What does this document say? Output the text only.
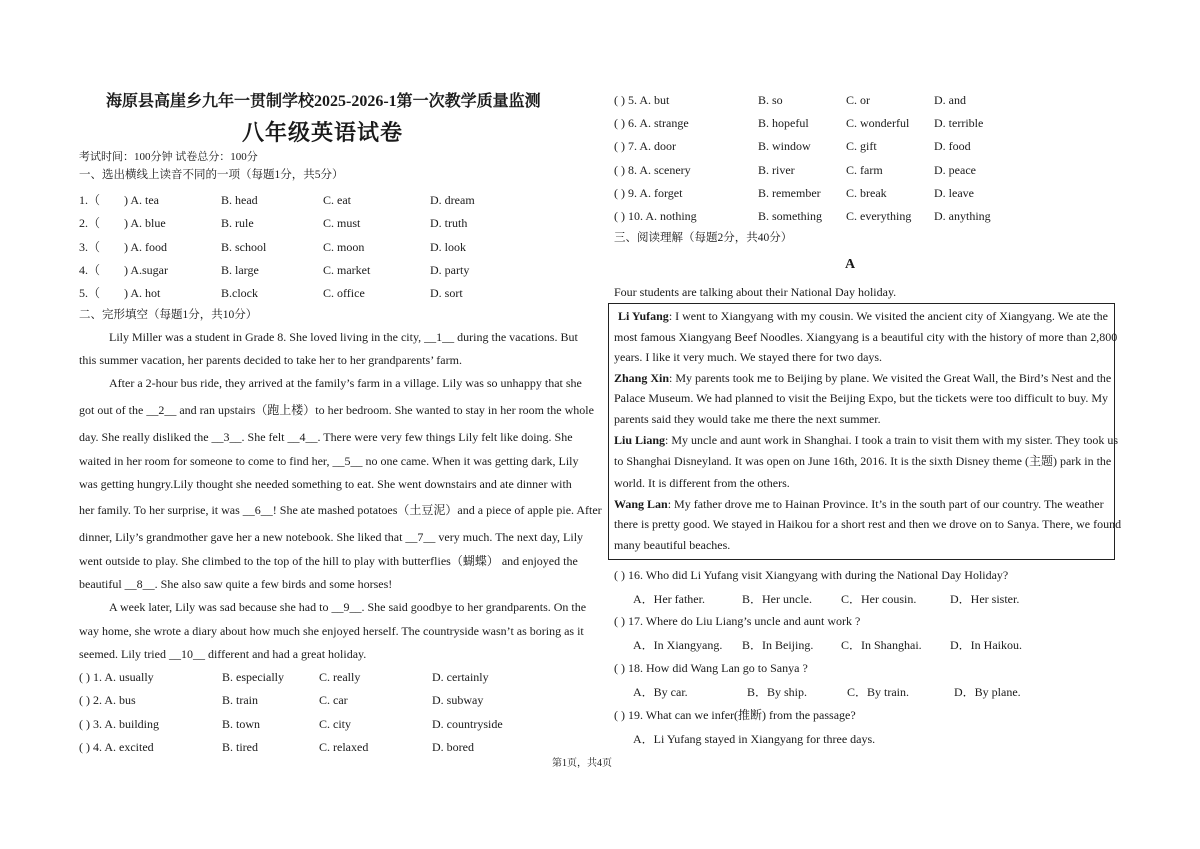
海原县高崖乡九年一贯制学校2025-2026-1第一次教学质量监测
八年级英语试卷
考试时间：100分钟 试卷总分：100分
一、选出横线上读音不同的一项（每题1分，共5分）
1.（ ) A. tea	B. head	C. eat	D. dream
2.（ ) A. blue	B. rule	C. must	D. truth
3.（ ) A. food	B. school	C. moon	D. look
4.（ ) A.sugar	B. large	C. market	D. party
5.（ ) A. hot	B.clock	C. office	D. sort
二、完形填空（每题1分，共10分）
Lily Miller was a student in Grade 8. She loved living in the city, __1__ during the vacations. But
this summer vacation, her parents decided to take her to her grandparents’ farm.
After a 2-hour bus ride, they arrived at the family’s farm in a village. Lily was so unhappy that she
got out of the __2__ and ran upstairs（跑上楼）to her bedroom. She wanted to stay in her room the whole
day. She really disliked the __3__. She felt __4__. There were very few things Lily felt like doing. She
waited in her room for someone to come to find her, __5__ no one came. When it was getting dark, Lily
was getting hungry.Lily thought she needed something to eat. She went downstairs and ate dinner with
her family. To her surprise, it was __6__! She ate mashed potatoes（土豆泥）and a piece of apple pie. After
dinner, Lily’s grandmother gave her a new notebook. She liked that __7__ very much. The next day, Lily
went outside to play. She climbed to the top of the hill to play with butterflies（蝴蝶） and enjoyed the
beautiful __8__. She also saw quite a few birds and some horses!
A week later, Lily was sad because she had to __9__. She said goodbye to her grandparents. On the
way home, she wrote a diary about how much she enjoyed herself. The countryside wasn’t as boring as it
seemed. Lily tried __10__ different and had a great holiday.
( ) 1. A. usually	B. especially	C. really	D. certainly
( ) 2. A. bus	B. train	C. car	D. subway
( ) 3. A. building	B. town	C. city	D. countryside
( ) 4. A. excited	B. tired	C. relaxed	D. bored
( ) 5. A. but	B. so	C. or	D. and
( ) 6. A. strange	B. hopeful	C. wonderful D. terrible
( ) 7. A. door	B. window	C. gift	D. food
( ) 8. A. scenery	B. river	C. farm	D. peace
( ) 9. A. forget	B. remember C. break	D. leave
( ) 10. A. nothing	B. something C. everything D. anything
三、阅读理解（每题2分，共40分）
A
Four students are talking about their National Day holiday.
Li Yufang: I went to Xiangyang with my cousin. We visited the ancient city of Xiangyang. We ate the
most famous Xiangyang Beef Noodles. Xiangyang is a beautiful city with the history of more than 2,800
years. I like it very much. We stayed there for two days.
Zhang Xin: My parents took me to Beijing by plane. We visited the Great Wall, the Bird’s Nest and the
Palace Museum. We had planned to visit the Beijing Expo, but the tickets were too difficult to buy. My
parents said they would take me there the next summer.
Liu Liang: My uncle and aunt work in Shanghai. I took a train to visit them with my sister. They took us
to Shanghai Disneyland. It was open on June 16th, 2016. It is the sixth Disney theme (主题) park in the
world. It is different from the others.
Wang Lan: My father drove me to Hainan Province. It’s in the south part of our country. The weather
there is pretty good. We stayed in Haikou for a short rest and then we drove on to Sanya. There, we found
many beautiful beaches.
( ) 16. Who did Li Yufang visit Xiangyang with during the National Day Holiday?
A．Her father.	B．Her uncle. C．Her cousin.	D．Her sister.
( ) 17. Where do Liu Liang’s uncle and aunt work ?
A．In Xiangyang. B．In Beijing. C．In Shanghai. D．In Haikou.
( ) 18. How did Wang Lan go to Sanya ?
A．By car.	B．By ship.	C．By train.	D．By plane.
( ) 19. What can we infer(推断) from the passage?
A．Li Yufang stayed in Xiangyang for three days.
第1页，共4页
